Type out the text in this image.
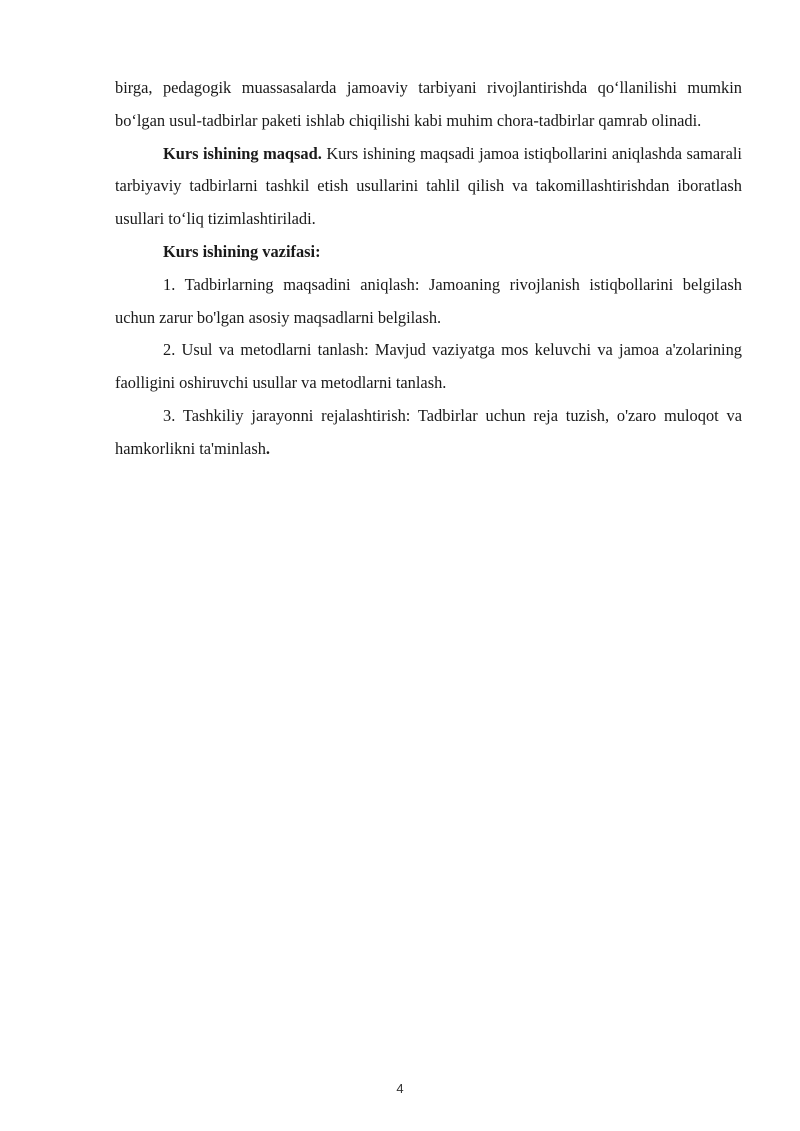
birga, pedagogik muassasalarda jamoaviy tarbiyani rivojlantirishda qo‘llanilishi mumkin bo‘lgan usul-tadbirlar paketi ishlab chiqilishi kabi muhim chora-tadbirlar qamrab olinadi.

Kurs ishining maqsad. Kurs ishining maqsadi jamoa istiqbollarini aniqlashda samarali tarbiyaviy tadbirlarni tashkil etish usullarini tahlil qilish va takomillashtirishdan iboratlash usullari to‘liq tizimlashtiriladi.

Kurs ishining vazifasi:

1. Tadbirlarning maqsadini aniqlash: Jamoaning rivojlanish istiqbollarini belgilash uchun zarur bo'lgan asosiy maqsadlarni belgilash.

2. Usul va metodlarni tanlash: Mavjud vaziyatga mos keluvchi va jamoa a'zolarining faolligini oshiruvchi usullar va metodlarni tanlash.

3. Tashkiliy jarayonni rejalashtirish: Tadbirlar uchun reja tuzish, o'zaro muloqot va hamkorlikni ta'minlash.

4
